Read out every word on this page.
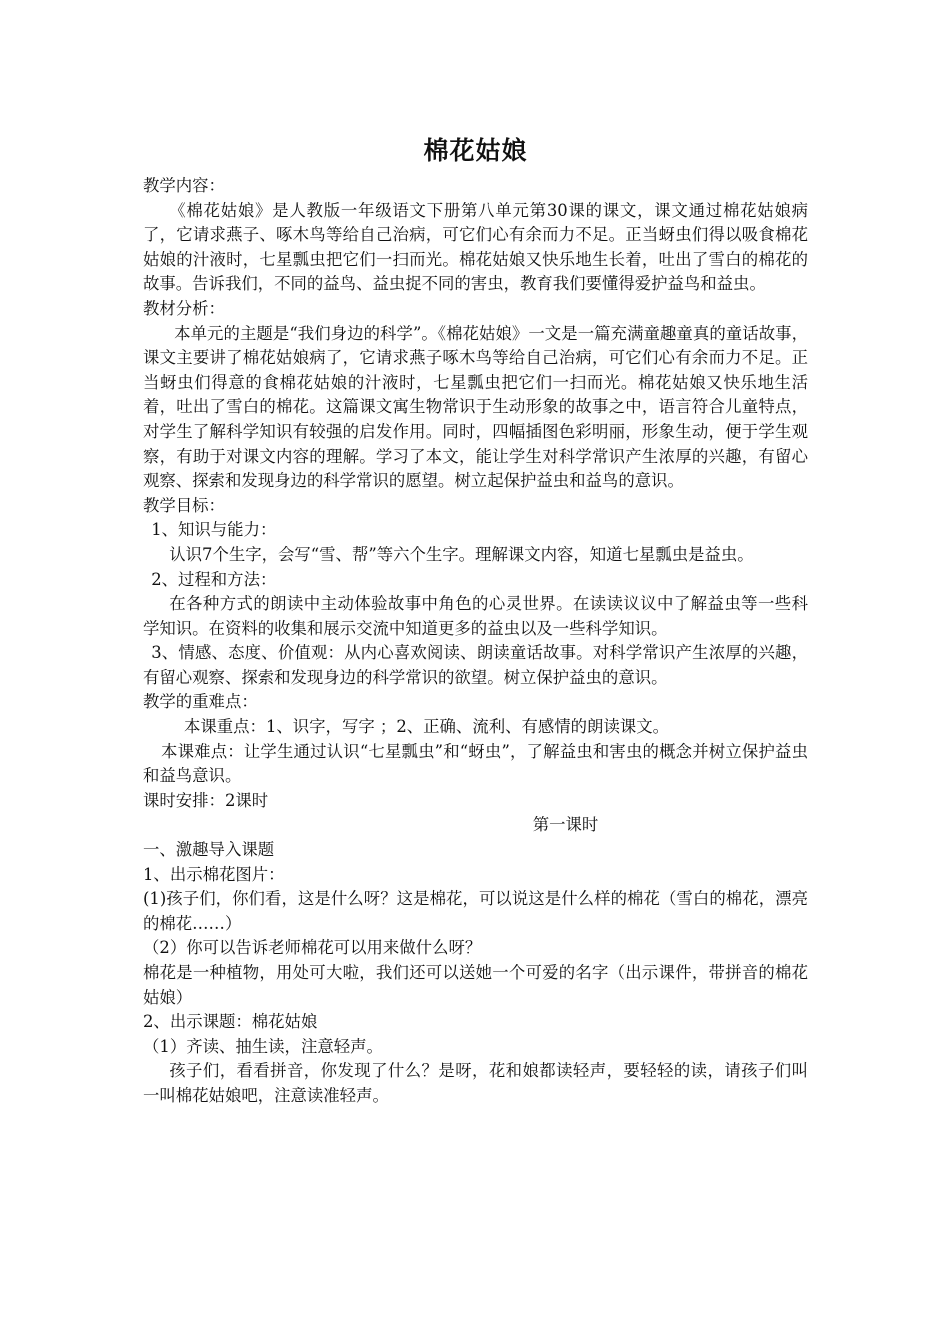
棉花姑娘

教学内容：

《棉花姑娘》是人教版一年级语文下册第八单元第30课的课文，课文通过棉花姑娘病了，它请求燕子、啄木鸟等给自己治病，可它们心有余而力不足。正当蚜虫们得以吸食棉花姑娘的汁液时，七星瓢虫把它们一扫而光。棉花姑娘又快乐地生长着，吐出了雪白的棉花的故事。告诉我们，不同的益鸟、益虫捉不同的害虫，教育我们要懂得爱护益鸟和益虫。

教材分析：

本单元的主题是“我们身边的科学”。《棉花姑娘》一文是一篇充满童趣童真的童话故事，课文主要讲了棉花姑娘病了，它请求燕子啄木鸟等给自己治病，可它们心有余而力不足。正当蚜虫们得意的食棉花姑娘的汁液时，七星瓢虫把它们一扫而光。棉花姑娘又快乐地生活着，吐出了雪白的棉花。这篇课文寓生物常识于生动形象的故事之中，语言符合儿童特点，对学生了解科学知识有较强的启发作用。同时，四幅插图色彩明丽，形象生动，便于学生观察，有助于对课文内容的理解。学习了本文，能让学生对科学常识产生浓厚的兴趣，有留心观察、探索和发现身边的科学常识的愿望。树立起保护益虫和益鸟的意识。

教学目标：

1、知识与能力：

认识7个生字，会写“雪、帮”等六个生字。理解课文内容，知道七星瓢虫是益虫。

2、过程和方法：

在各种方式的朗读中主动体验故事中角色的心灵世界。在读读议议中了解益虫等一些科学知识。在资料的收集和展示交流中知道更多的益虫以及一些科学知识。

3、情感、态度、价值观：从内心喜欢阅读、朗读童话故事。对科学常识产生浓厚的兴趣，有留心观察、探索和发现身边的科学常识的欲望。树立保护益虫的意识。

教学的重难点：

本课重点：1、识字，写字 ；2、正确、流利、有感情的朗读课文。

本课难点：让学生通过认识“七星瓢虫”和“蚜虫”，了解益虫和害虫的概念并树立保护益虫和益鸟意识。

课时安排：2课时

第一课时

一、激趣导入课题

1、出示棉花图片：

(1)孩子们，你们看，这是什么呀？这是棉花，可以说这是什么样的棉花（雪白的棉花，漂亮的棉花……）

（2）你可以告诉老师棉花可以用来做什么呀？

棉花是一种植物，用处可大啦，我们还可以送她一个可爱的名字（出示课件，带拼音的棉花姑娘）

2、出示课题：棉花姑娘

（1）齐读、抽生读，注意轻声。

孩子们，看看拼音，你发现了什么？是呀，花和娘都读轻声，要轻轻的读，请孩子们叫一叫棉花姑娘吧，注意读准轻声。
